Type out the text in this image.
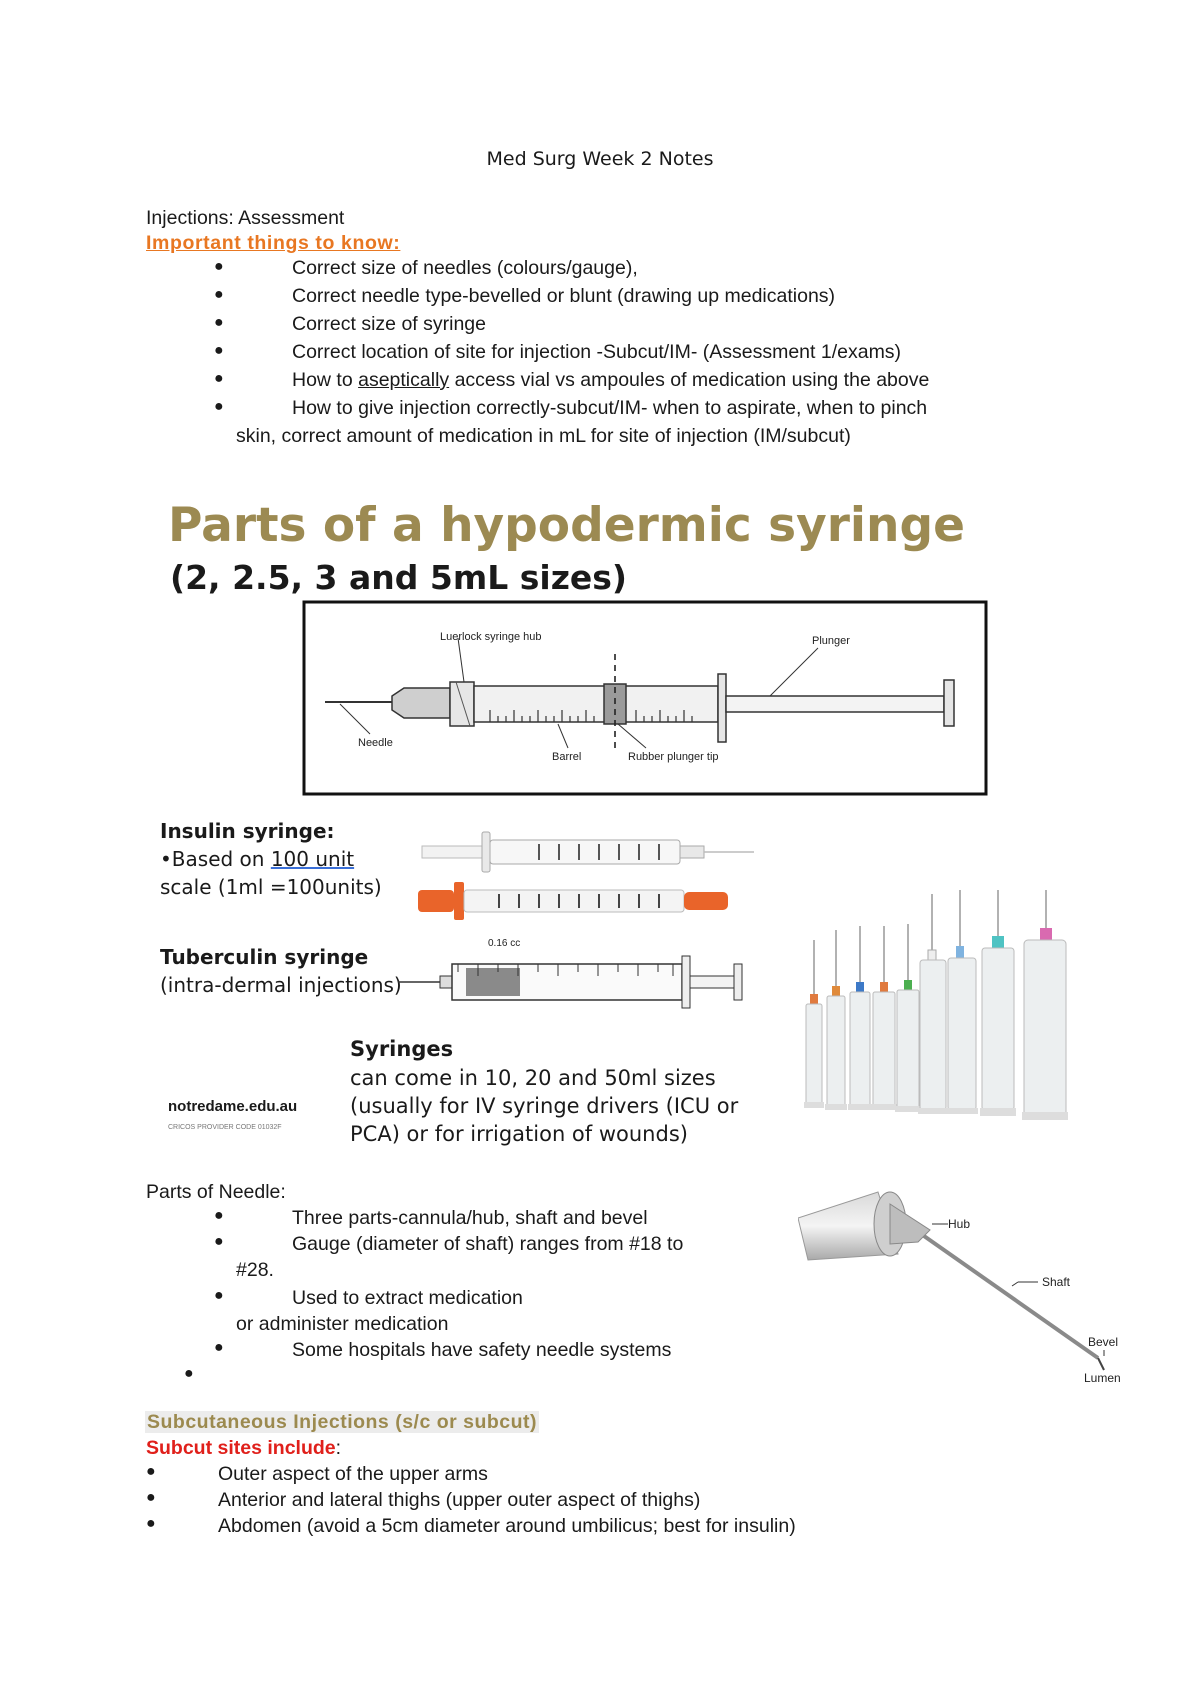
Med Surg Week 2 Notes
Injections: Assessment
Important things to know:
●	Correct size of needles (colours/gauge),
●	Correct needle type-bevelled or blunt (drawing up medications)
●	Correct size of syringe
●	Correct location of site for injection -Subcut/IM- (Assessment 1/exams)
●	How to aseptically access vial vs ampoules of medication using the above
●	How to give injection correctly-subcut/IM- when to aspirate, when to pinch
skin, correct amount of medication in mL for site of injection (IM/subcut)
Parts of a hypodermic syringe
(2, 2.5, 3 and 5mL sizes)
Luerlock syringe hub	Plunger
Needle
Barrel	Rubber plunger tip
Insulin syringe:
•Based on 100 unit
scale (1ml =100units)
Tuberculin syringe
(intra-dermal injections)
0.16 cc
Syringes
can come in 10, 20 and 50ml sizes
(usually for IV syringe drivers (ICU or
PCA) or for irrigation of wounds)
notredame.edu.au
CRICOS PROVIDER CODE 01032F
Parts of Needle:
●	Three parts-cannula/hub, shaft and bevel
●	Gauge (diameter of shaft) ranges from #18 to
#28.
●	Used to extract medication
or administer medication
●	Some hospitals have safety needle systems
●
Hub
Shaft
Bevel
Lumen
Subcutaneous Injections (s/c or subcut)
Subcut sites include:
●	Outer aspect of the upper arms
●	Anterior and lateral thighs (upper outer aspect of thighs)
●	Abdomen (avoid a 5cm diameter around umbilicus; best for insulin)
